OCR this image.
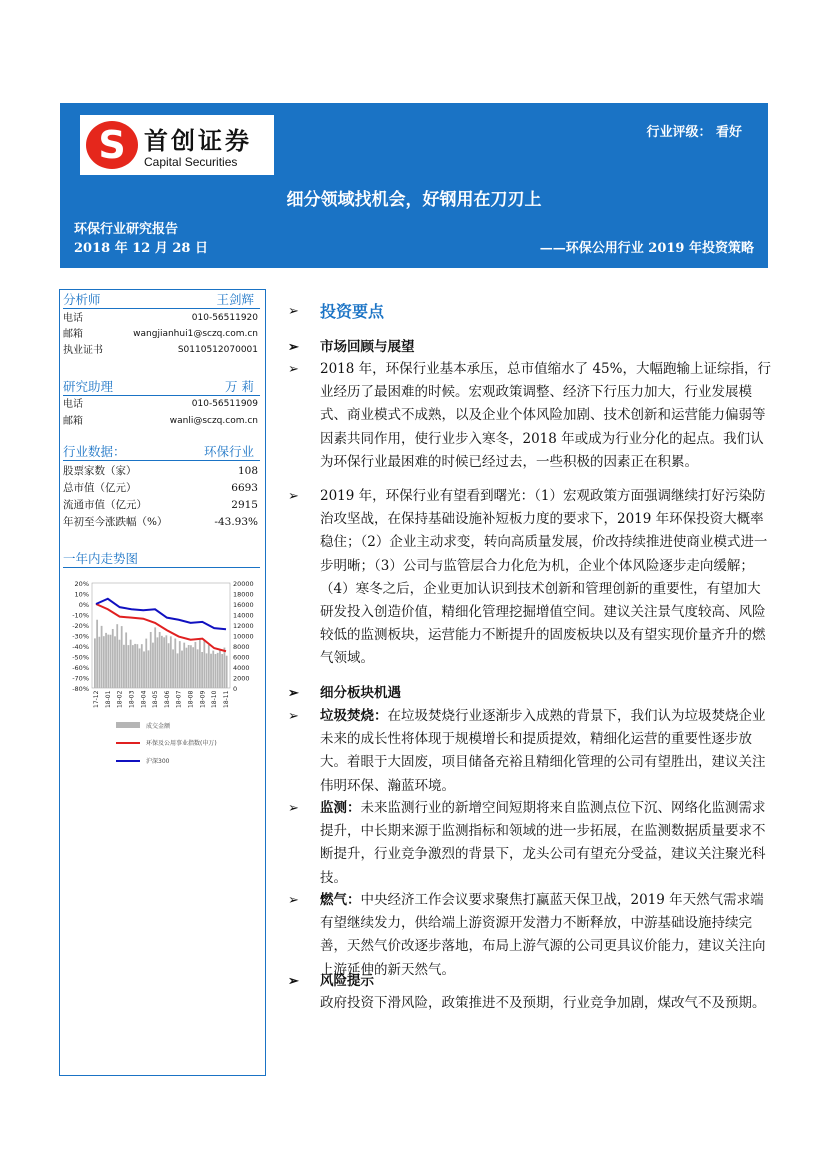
S 首创证券
Capital Securities
行业评级： 看好
细分领域找机会，好钢用在刀刃上
环保行业研究报告
2018 年 12 月 28 日	——环保公用行业 2019 年投资策略
分析师	王剑辉
电话	010-56511920
邮箱	wangjianhui1@sczq.com.cn
执业证书	S0110512070001
研究助理	万 莉
电话	010-56511909
邮箱	wanli@sczq.com.cn
行业数据：	环保行业
股票家数（家）	108
总市值（亿元）	6693
流通市值（亿元）	2915
年初至今涨跌幅（%）	-43.93%
一年内走势图
20%
10%
0%
-10%
-20%
-30%
-40%
-50%
-60%
-70%
-80%
20000
18000
16000
14000
12000
10000
8000
6000
4000
2000
0
17-12 18-01 18-02 18-03 18-04 18-05 18-06 18-07 18-08 18-09 18-10 18-11
成交金额
环保及公用事业指数(申万)
沪深300
➢ 投资要点
➢ 市场回顾与展望
➢ 2018 年，环保行业基本承压，总市值缩水了 45%，大幅跑输上证综指，行业经历了最困难的时候。宏观政策调整、经济下行压力加大，行业发展模式、商业模式不成熟，以及企业个体风险加剧、技术创新和运营能力偏弱等因素共同作用，使行业步入寒冬，2018 年或成为行业分化的起点。我们认为环保行业最困难的时候已经过去，一些积极的因素正在积累。
➢ 2019 年，环保行业有望看到曙光：（1）宏观政策方面强调继续打好污染防治攻坚战，在保持基础设施补短板力度的要求下，2019 年环保投资大概率稳住；（2）企业主动求变，转向高质量发展，价改持续推进使商业模式进一步明晰；（3）公司与监管层合力化危为机，企业个体风险逐步走向缓解；（4）寒冬之后，企业更加认识到技术创新和管理创新的重要性，有望加大研发投入创造价值，精细化管理挖掘增值空间。建议关注景气度较高、风险较低的监测板块，运营能力不断提升的固废板块以及有望实现价量齐升的燃气领域。
➢ 细分板块机遇
➢ 垃圾焚烧：在垃圾焚烧行业逐渐步入成熟的背景下，我们认为垃圾焚烧企业未来的成长性将体现于规模增长和提质提效，精细化运营的重要性逐步放大。着眼于大固废，项目储备充裕且精细化管理的公司有望胜出，建议关注伟明环保、瀚蓝环境。
➢ 监测：未来监测行业的新增空间短期将来自监测点位下沉、网络化监测需求提升，中长期来源于监测指标和领域的进一步拓展，在监测数据质量要求不断提升，行业竞争激烈的背景下，龙头公司有望充分受益，建议关注聚光科技。
➢ 燃气：中央经济工作会议要求聚焦打赢蓝天保卫战，2019 年天然气需求端有望继续发力，供给端上游资源开发潜力不断释放，中游基础设施持续完善，天然气价改逐步落地，布局上游气源的公司更具议价能力，建议关注向上游延伸的新天然气。
➢ 风险提示
政府投资下滑风险，政策推进不及预期，行业竞争加剧，煤改气不及预期。
